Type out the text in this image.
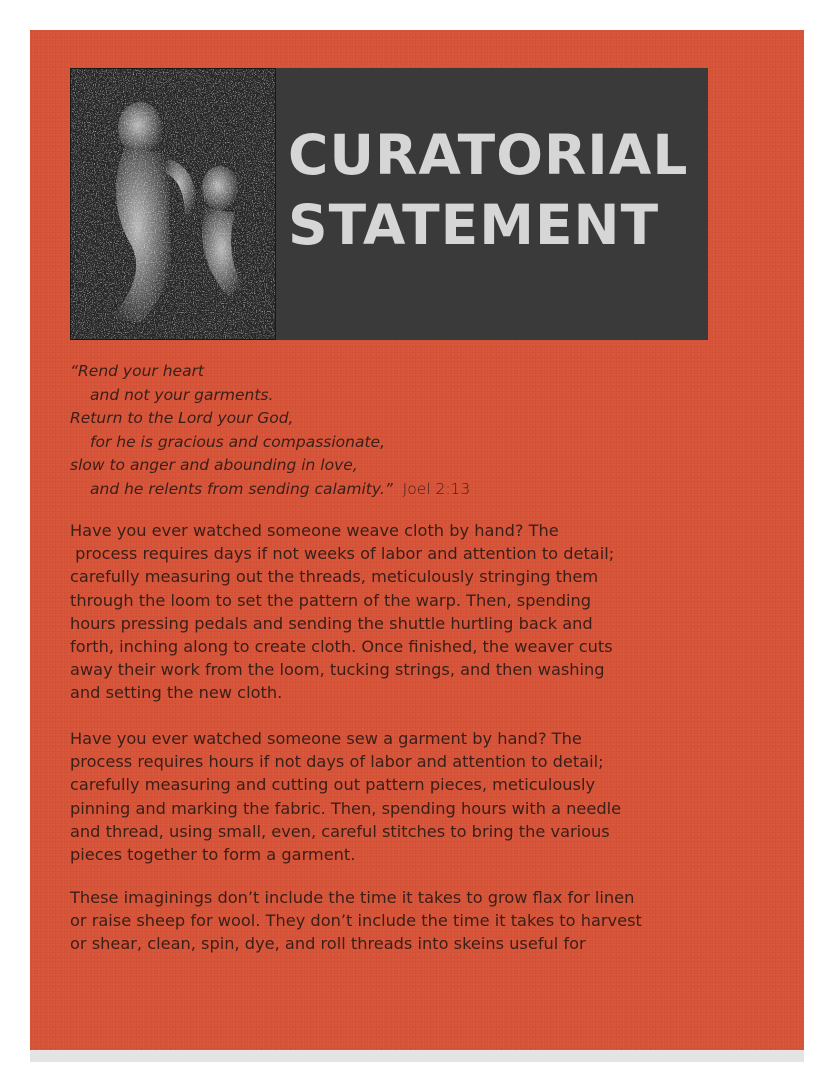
CURATORIAL
STATEMENT

“Rend your heart
and not your garments.
Return to the Lord your God,
for he is gracious and compassionate,
slow to anger and abounding in love,
and he relents from sending calamity.” Joel 2:13

Have you ever watched someone weave cloth by hand? The
process requires days if not weeks of labor and attention to detail;
carefully measuring out the threads, meticulously stringing them
through the loom to set the pattern of the warp. Then, spending
hours pressing pedals and sending the shuttle hurtling back and
forth, inching along to create cloth. Once finished, the weaver cuts
away their work from the loom, tucking strings, and then washing
and setting the new cloth.

Have you ever watched someone sew a garment by hand? The
process requires hours if not days of labor and attention to detail;
carefully measuring and cutting out pattern pieces, meticulously
pinning and marking the fabric. Then, spending hours with a needle
and thread, using small, even, careful stitches to bring the various
pieces together to form a garment.

These imaginings don’t include the time it takes to grow flax for linen
or raise sheep for wool. They don’t include the time it takes to harvest
or shear, clean, spin, dye, and roll threads into skeins useful for
